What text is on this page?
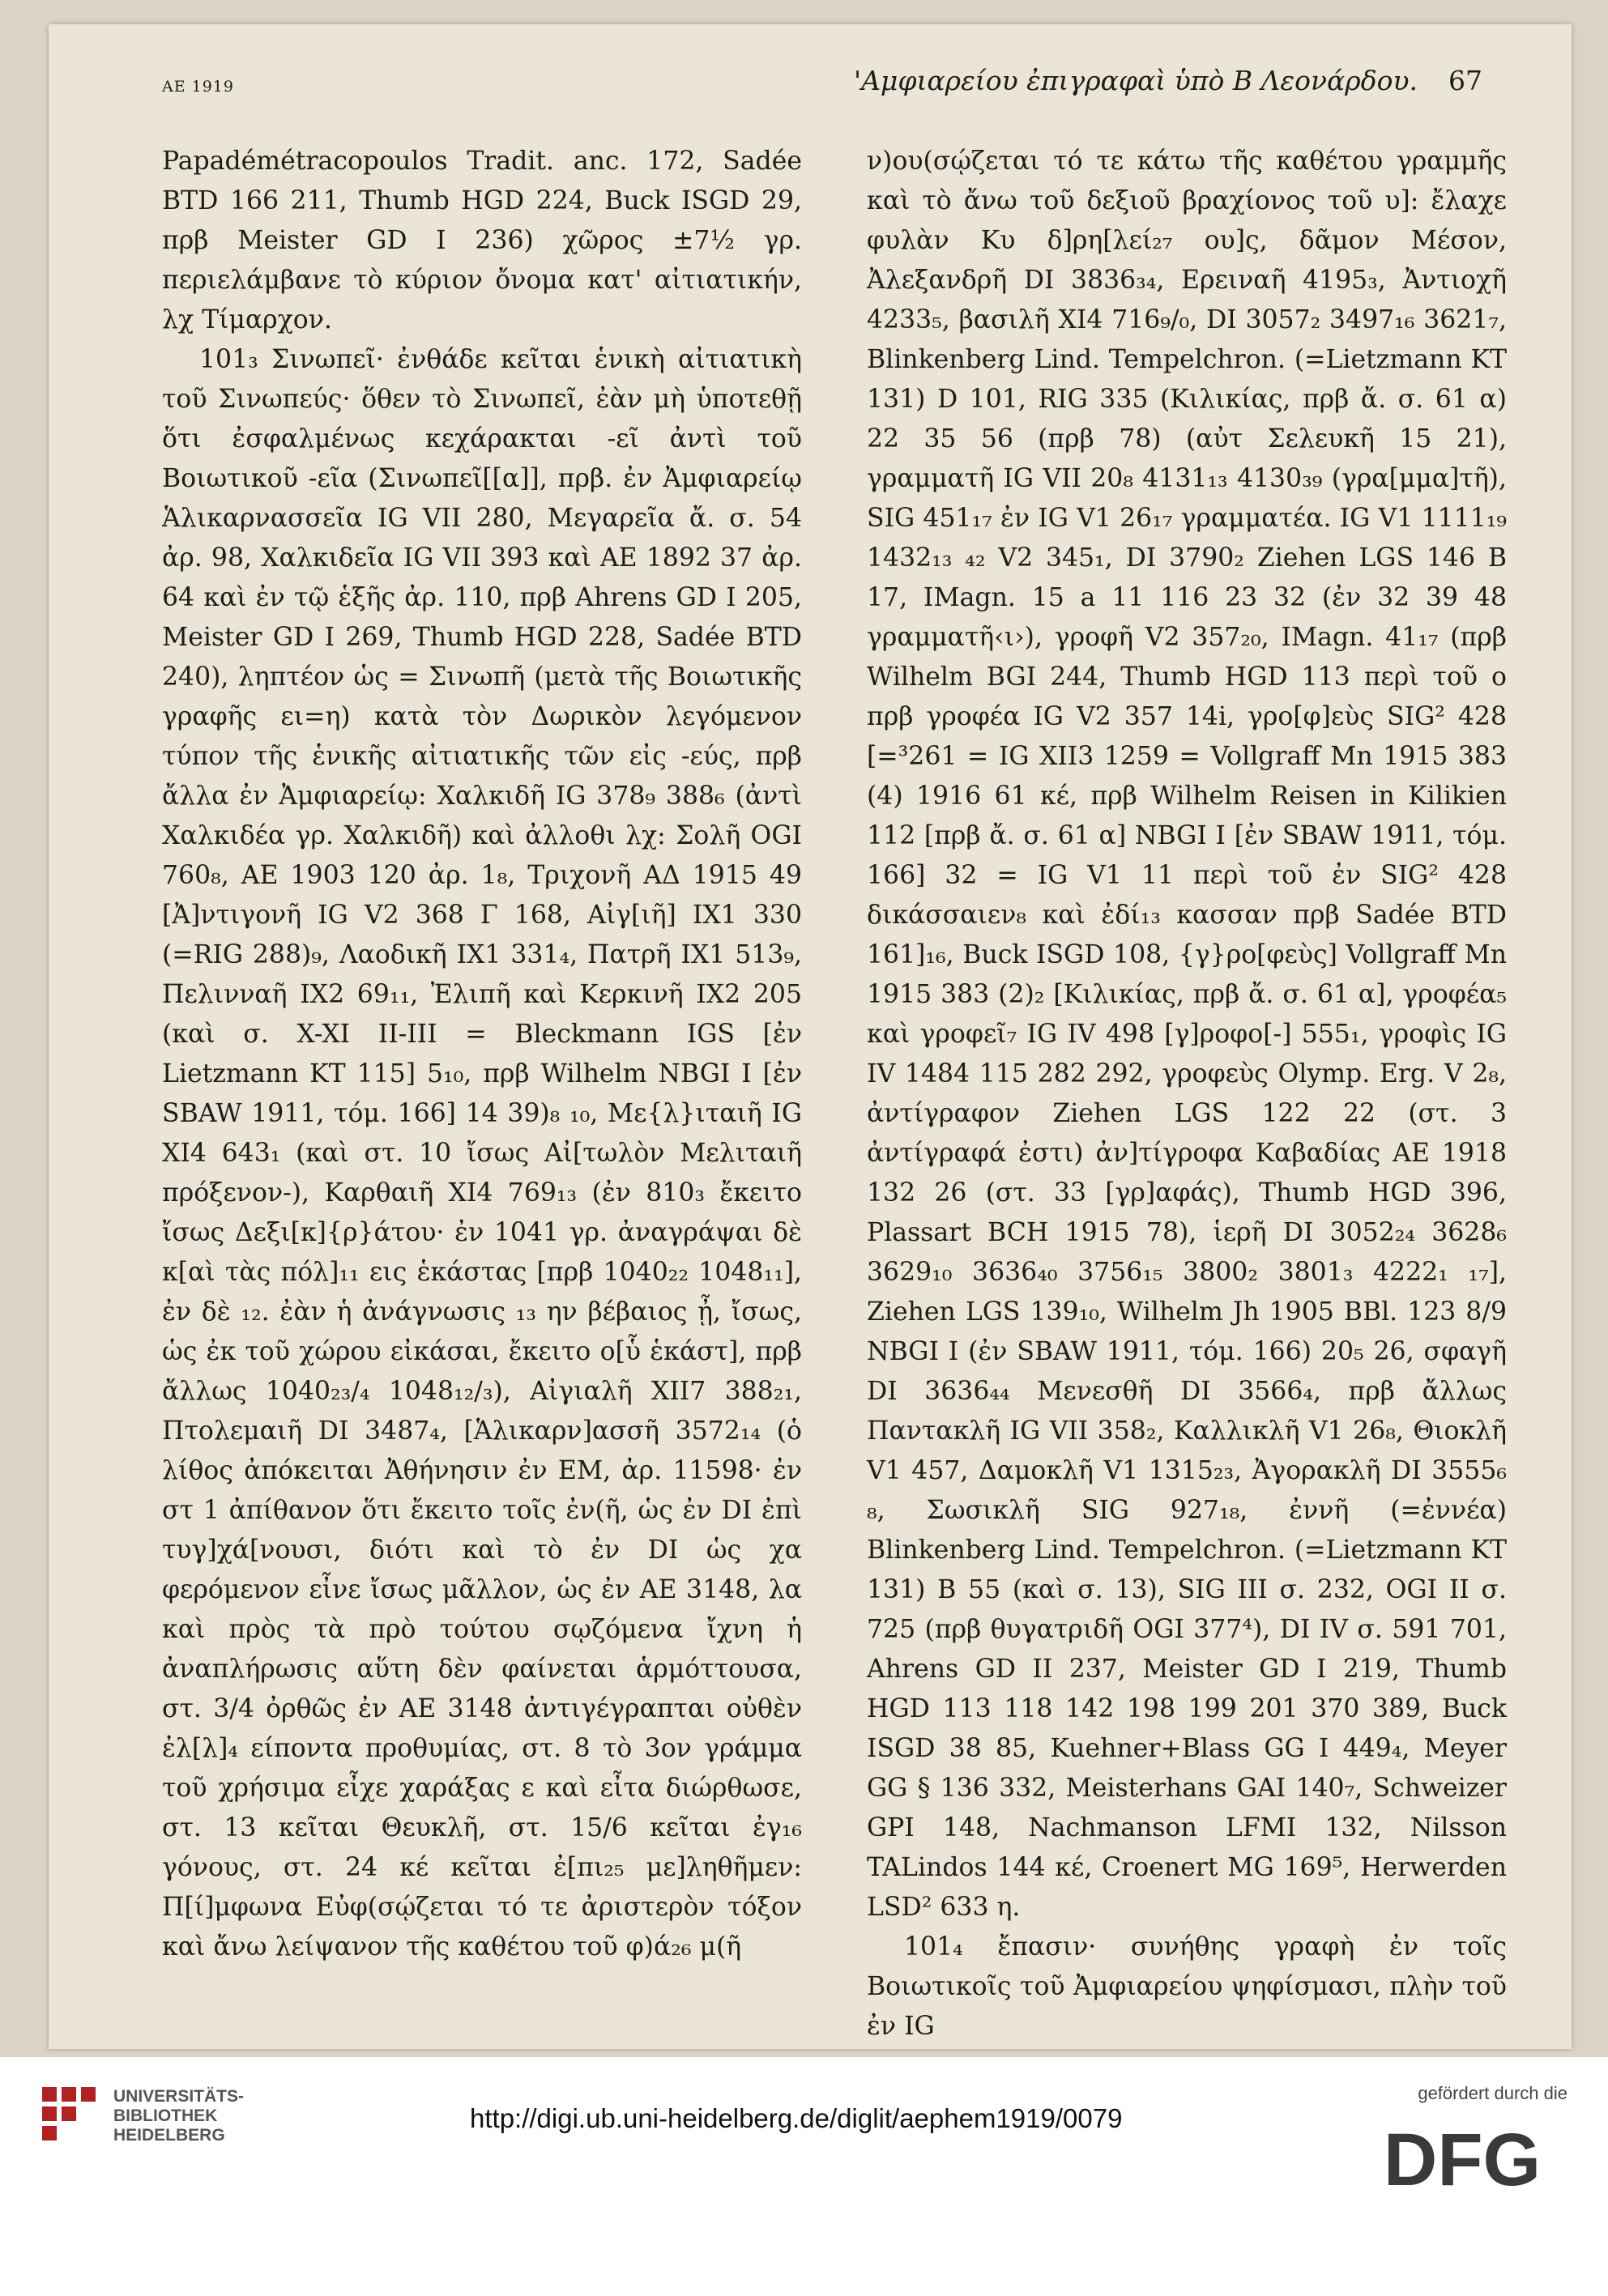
ΑΕ 1919	'Αμφιαρείου ἐπιγραφαὶ ὑπὸ Β Λεονάρδου. 67

Papadémétracopoulos Tradit. anc. 172, Sadée BTD 166 211, Thumb HGD 224, Buck ISGD 29, πρβ Meister GD I 236) χῶρος ±7½ γρ. περιελάμβανε τὸ κύριον ὄνομα κατ' αἰτιατικήν, λχ Τίμαρχον.

101₃ Σινωπεῖ· ἐνθάδε κεῖται ἑνικὴ αἰτιατικὴ τοῦ Σινωπεύς· ὅθεν τὸ Σινωπεῖ, ἐὰν μὴ ὑποτεθῇ ὅτι ἐσφαλμένως κεχάρακται -εῖ ἀντὶ τοῦ Βοιωτικοῦ -εῖα (Σινωπεῖ[[α]], πρβ. ἐν Ἀμφιαρείῳ Ἁλικαρνασσεῖα IG VII 280, Μεγαρεῖα ἄ. σ. 54 ἀρ. 98, Χαλκιδεῖα IG VII 393 καὶ ΑΕ 1892 37 ἀρ. 64 καὶ ἐν τῷ ἑξῆς ἀρ. 110, πρβ Ahrens GD I 205, Meister GD I 269, Thumb HGD 228, Sadée BTD 240), ληπτέον ὡς = Σινωπῆ (μετὰ τῆς Βοιωτικῆς γραφῆς ει=η) κατὰ τὸν Δωρικὸν λεγόμενον τύπον τῆς ἑνικῆς αἰτιατικῆς τῶν εἰς -εύς, πρβ ἄλλα ἐν Ἀμφιαρείῳ: Χαλκιδῆ IG 378₉ 388₆ (ἀντὶ Χαλκιδέα γρ. Χαλκιδῆ) καὶ ἀλλοθι λχ: Σολῆ OGI 760₈, ΑΕ 1903 120 ἀρ. 1₈, Τριχονῆ ΑΔ 1915 49 [Ἀ]ντιγονῆ IG V2 368 Γ 168, Αἰγ[ιῆ] IX1 330 (=RIG 288)₉, Λαοδικῆ IX1 331₄, Πατρῆ IX1 513₉, Πελινναῆ IX2 69₁₁, Ἐλιπῆ καὶ Κερκινῆ IX2 205 (καὶ σ. X-XI II-III = Bleckmann IGS [ἐν Lietzmann KT 115] 5₁₀, πρβ Wilhelm NBGI I [ἐν SBAW 1911, τόμ. 166] 14 39)₈ ₁₀, Με{λ}ιταιῆ IG XI4 643₁ (καὶ στ. 10 ἴσως Αἰ[τωλὸν Μελιταιῆ πρόξενον-), Καρθαιῆ XI4 769₁₃ (ἐν 810₃ ἔκειτο ἴσως Δεξι[κ]{ρ}άτου· ἐν 1041 γρ. ἀναγράψαι δὲ κ[αὶ τὰς πόλ]₁₁ εις ἑκάστας [πρβ 1040₂₂ 1048₁₁], ἐν δὲ ₁₂. ἐὰν ἡ ἀνάγνωσις ₁₃ ην βέβαιος ᾖ, ἴσως, ὡς ἐκ τοῦ χώρου εἰκάσαι, ἔκειτο ο[ὗ ἑκάστ], πρβ ἄλλως 1040₂₃/₄ 1048₁₂/₃), Αἰγιαλῆ XII7 388₂₁, Πτολεμαιῆ DI 3487₄, [Ἁλικαρν]ασσῆ 3572₁₄ (ὁ λίθος ἀπόκειται Ἀθήνησιν ἐν ΕΜ, ἀρ. 11598· ἐν στ 1 ἀπίθανον ὅτι ἔκειτο τοῖς ἐν(ῆ, ὡς ἐν DI ἐπὶ τυγ]χά[νουσι, διότι καὶ τὸ ἐν DI ὡς χα φερόμενον εἶνε ἴσως μᾶλλον, ὡς ἐν ΑΕ 3148, λα καὶ πρὸς τὰ πρὸ τούτου σῳζόμενα ἴχνη ἡ ἀναπλήρωσις αὕτη δὲν φαίνεται ἁρμόττουσα, στ. 3/4 ὀρθῶς ἐν ΑΕ 3148 ἀντιγέγραπται οὐθὲν ἐλ[λ]₄ είποντα προθυμίας, στ. 8 τὸ 3ον γράμμα τοῦ χρήσιμα εἶχε χαράξας ε καὶ εἶτα διώρθωσε, στ. 13 κεῖται Θευκλῆ, στ. 15/6 κεῖται ἐγ₁₆ γόνους, στ. 24 κέ κεῖται ἐ[πι₂₅ με]ληθῆμεν: Π[ί]μφωνα Εὐφ(σῴζεται τό τε ἀριστερὸν τόξον καὶ ἄνω λείψανον τῆς καθέτου τοῦ φ)ά₂₆ μ(ῆ

ν)ου(σῴζεται τό τε κάτω τῆς καθέτου γραμμῆς καὶ τὸ ἄνω τοῦ δεξιοῦ βραχίονος τοῦ υ]: ἔλαχε φυλὰν Κυ δ]ρη[λεί₂₇ ου]ς, δᾶμον Μέσον, Ἀλεξανδρῆ DI 3836₃₄, Ερειναῆ 4195₃, Ἀντιοχῆ 4233₅, βασιλῆ XI4 716₉/₀, DI 3057₂ 3497₁₆ 3621₇, Blinkenberg Lind. Tempelchron. (=Lietzmann KT 131) D 101, RIG 335 (Κιλικίας, πρβ ἄ. σ. 61 α) 22 35 56 (πρβ 78) (αὐτ Σελευκῆ 15 21), γραμματῆ IG VII 20₈ 4131₁₃ 4130₃₉ (γρα[μμα]τῆ), SIG 451₁₇ ἐν IG V1 26₁₇ γραμματέα. IG V1 1111₁₉ 1432₁₃ ₄₂ V2 345₁, DI 3790₂ Ziehen LGS 146 B 17, IMagn. 15 a 11 116 23 32 (ἐν 32 39 48 γραμματῆ‹ι›), γροφῆ V2 357₂₀, IMagn. 41₁₇ (πρβ Wilhelm BGI 244, Thumb HGD 113 περὶ τοῦ ο πρβ γροφέα IG V2 357 14i, γρο[φ]εὺς SIG² 428 [=³261 = IG XII3 1259 = Vollgraff Mn 1915 383 (4) 1916 61 κέ, πρβ Wilhelm Reisen in Kilikien 112 [πρβ ἄ. σ. 61 α] NBGI I [ἐν SBAW 1911, τόμ. 166] 32 = IG V1 11 περὶ τοῦ ἐν SIG² 428 δικάσσαιεν₈ καὶ ἐδί₁₃ κασσαν πρβ Sadée BTD 161]₁₆, Buck ISGD 108, {γ}ρο[φεὺς] Vollgraff Mn 1915 383 (2)₂ [Κιλικίας, πρβ ἄ. σ. 61 α], γροφέα₅ καὶ γροφεῖ₇ IG IV 498 [γ]ροφο[-] 555₁, γροφὶς IG IV 1484 115 282 292, γροφεὺς Olymp. Erg. V 2₈, ἀντίγραφον Ziehen LGS 122 22 (στ. 3 ἀντίγραφά ἐστι) ἀν]τίγροφα Καβαδίας ΑΕ 1918 132 26 (στ. 33 [γρ]αφάς), Thumb HGD 396, Plassart BCH 1915 78), ἱερῆ DI 3052₂₄ 3628₆ 3629₁₀ 3636₄₀ 3756₁₅ 3800₂ 3801₃ 4222₁ ₁₇], Ziehen LGS 139₁₀, Wilhelm Jh 1905 BBl. 123 8/9 NBGI I (ἐν SBAW 1911, τόμ. 166) 20₅ 26, σφαγῆ DI 3636₄₄ Μενεσθῆ DI 3566₄, πρβ ἄλλως Παντακλῆ IG VII 358₂, Καλλικλῆ V1 26₈, Θιοκλῆ V1 457, Δαμοκλῆ V1 1315₂₃, Ἀγορακλῆ DI 3555₆ ₈, Σωσικλῆ SIG 927₁₈, ἐννῆ (=ἐννέα) Blinkenberg Lind. Tempelchron. (=Lietzmann KT 131) B 55 (καὶ σ. 13), SIG III σ. 232, OGI II σ. 725 (πρβ θυγατριδῆ OGI 377⁴), DI IV σ. 591 701, Ahrens GD II 237, Meister GD I 219, Thumb HGD 113 118 142 198 199 201 370 389, Buck ISGD 38 85, Kuehner+Blass GG I 449₄, Meyer GG § 136 332, Meisterhans GAI 140₇, Schweizer GPI 148, Nachmanson LFMI 132, Nilsson TALindos 144 κέ, Croenert MG 169⁵, Herwerden LSD² 633 η.

101₄ ἔπασιν· συνήθης γραφὴ ἐν τοῖς Βοιωτικοῖς τοῦ Ἀμφιαρείου ψηφίσμασι, πλὴν τοῦ ἐν IG

UNIVERSITÄTS-
BIBLIOTHEK
HEIDELBERG
http://digi.ub.uni-heidelberg.de/diglit/aephem1919/0079
gefördert durch die
DFG
